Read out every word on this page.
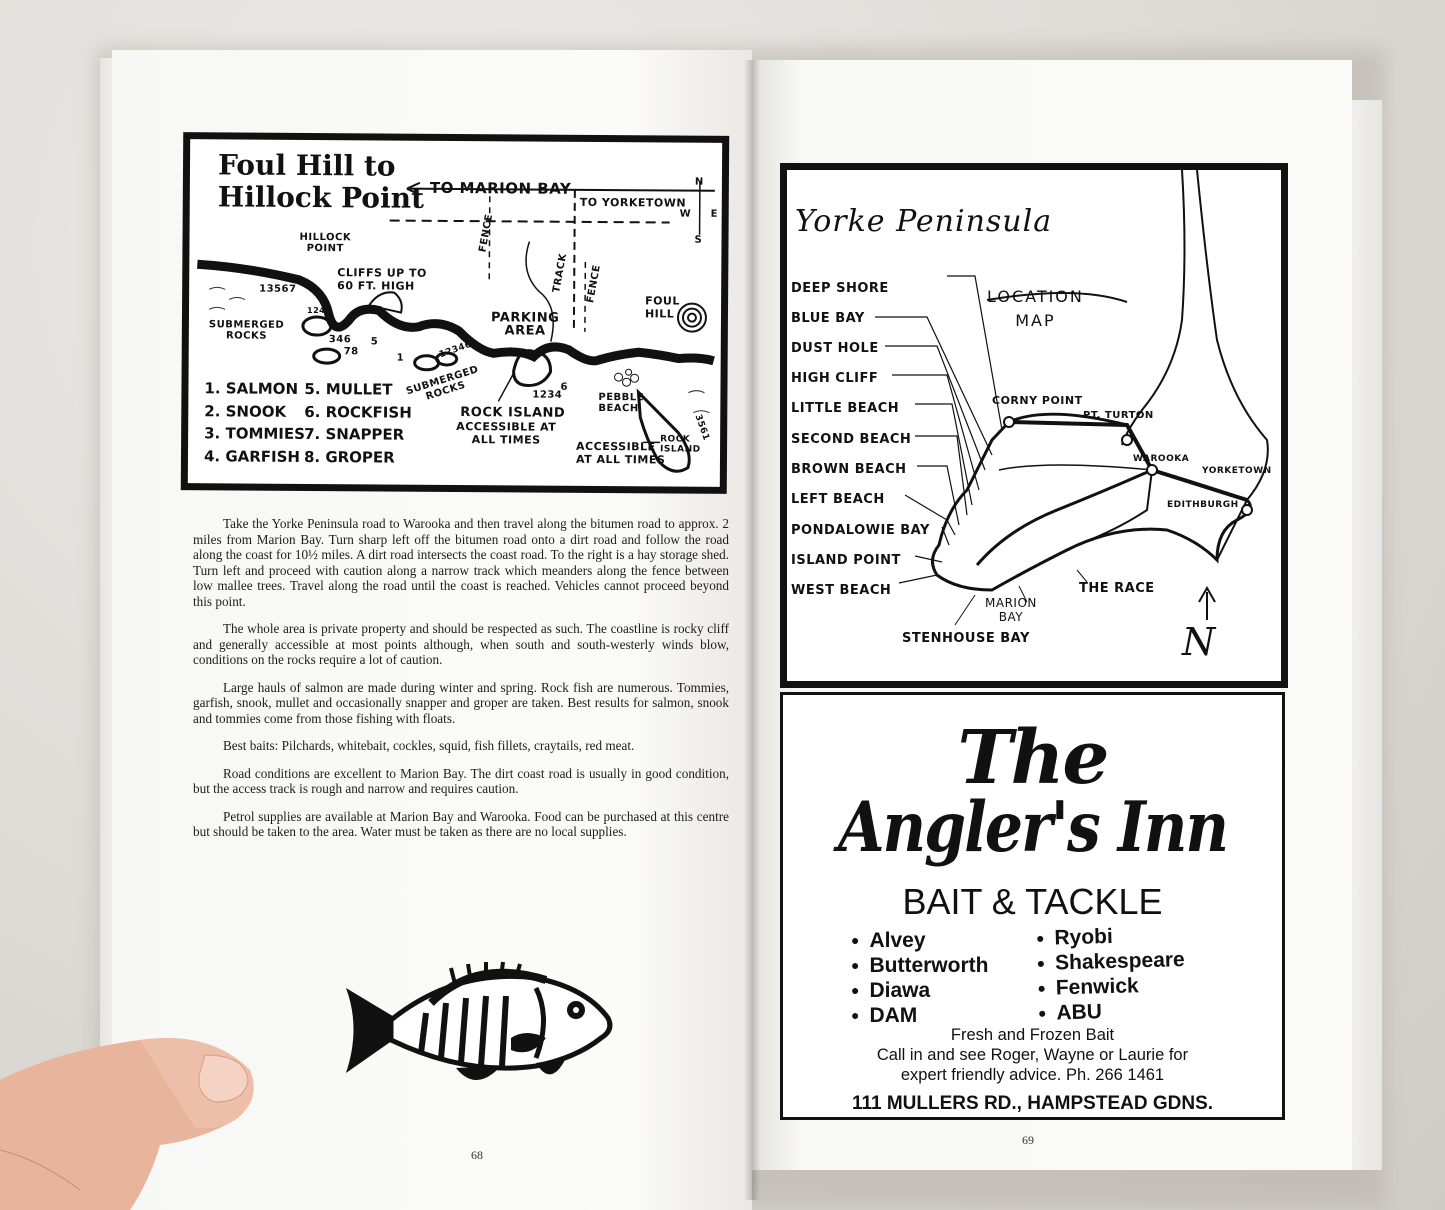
Foul Hill to
Hillock Point TO MARION BAY
TO YORKETOWN
N
S
E
W
HILLOCK
POINT
CLIFFS UP TO
60 FT. HIGH
FENCE
TRACK FENCE	FOUL
HILL
PARKING
AREA
SUBMERGED
ROCKS
SUBMERGED
ROCKS
ROCK ISLAND
ACCESSIBLE AT
ALL TIMES
PEBBLE
BEACH
ACCESSIBLE
AT ALL TIMES
ROCK
ISLAND
13567
124
346
78
5
1	12346
1234
6
3561
1. SALMON
2. SNOOK
3. TOMMIES
4. GARFISH
5. MULLET
6. ROCKFISH
7. SNAPPER
8. GROPER

Take the Yorke Peninsula road to Warooka and then travel along the bitumen road to approx. 2 miles from Marion Bay. Turn sharp left off the bitumen road onto a dirt road and follow the road along the coast for 10½ miles. A dirt road intersects the coast road. To the right is a hay storage shed. Turn left and proceed with caution along a narrow track which meanders along the fence between low mallee trees. Travel along the road until the coast is reached. Vehicles cannot proceed beyond this point.

The whole area is private property and should be respected as such. The coastline is rocky cliff and generally accessible at most points although, when south and south-westerly winds blow, conditions on the rocks require a lot of caution.

Large hauls of salmon are made during winter and spring. Rock fish are numerous. Tommies, garfish, snook, mullet and occasionally snapper and groper are taken. Best results for salmon, snook and tommies come from those fishing with floats.

Best baits: Pilchards, whitebait, cockles, squid, fish fillets, craytails, red meat.

Road conditions are excellent to Marion Bay. The dirt coast road is usually in good condition, but the access track is rough and narrow and requires caution.

Petrol supplies are available at Marion Bay and Warooka. Food can be purchased at this centre but should be taken to the area. Water must be taken as there are no local supplies.

68
Yorke Peninsula
LOCATION
MAP
DEEP SHORE
BLUE BAY
DUST HOLE
HIGH CLIFF
LITTLE BEACH
SECOND BEACH
BROWN BEACH
LEFT BEACH
PONDALOWIE BAY
ISLAND POINT
WEST BEACH
CORNY POINT
PT. TURTON
WAROOKA
YORKETOWN
EDITHBURGH
THE RACE
MARION
BAY
STENHOUSE BAY	N
The
Angler's Inn
BAIT & TACKLE
● Alvey
● Butterworth
● Diawa
● DAM
● Ryobi
● Shakespeare
● Fenwick
● ABU
Fresh and Frozen Bait
Call in and see Roger, Wayne or Laurie for
expert friendly advice. Ph. 266 1461
111 MULLERS RD., HAMPSTEAD GDNS.
69
